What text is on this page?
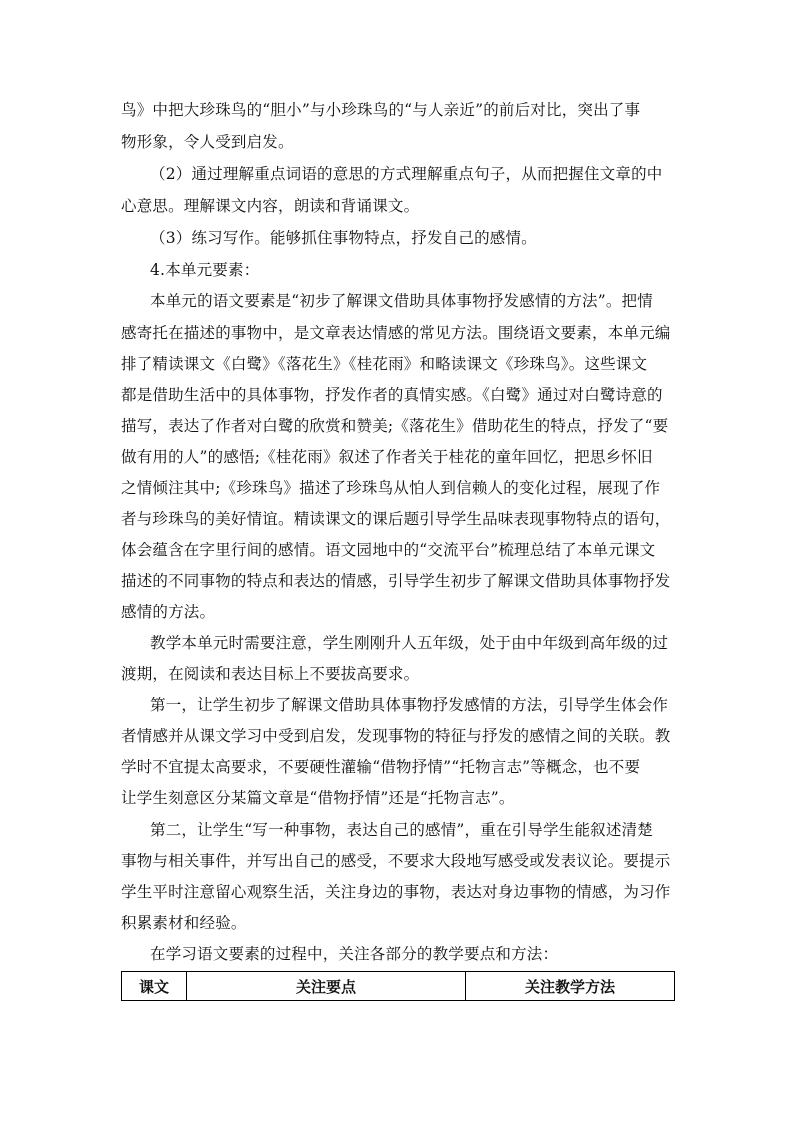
鸟》中把大珍珠鸟的“胆小”与小珍珠鸟的“与人亲近”的前后对比，突出了事
物形象，令人受到启发。
（2）通过理解重点词语的意思的方式理解重点句子，从而把握住文章的中
心意思。理解课文内容，朗读和背诵课文。
（3）练习写作。能够抓住事物特点，抒发自己的感情。
4.本单元要素：
本单元的语文要素是“初步了解课文借助具体事物抒发感情的方法”。把情
感寄托在描述的事物中，是文章表达情感的常见方法。围绕语文要素，本单元编
排了精读课文《白鹭》《落花生》《桂花雨》和略读课文《珍珠鸟》。这些课文
都是借助生活中的具体事物，抒发作者的真情实感。《白鹭》通过对白鹭诗意的
描写，表达了作者对白鹭的欣赏和赞美;《落花生》借助花生的特点，抒发了“要
做有用的人”的感悟;《桂花雨》叙述了作者关于桂花的童年回忆，把思乡怀旧
之情倾注其中;《珍珠鸟》描述了珍珠鸟从怕人到信赖人的变化过程，展现了作
者与珍珠鸟的美好情谊。精读课文的课后题引导学生品味表现事物特点的语句，
体会蕴含在字里行间的感情。语文园地中的“交流平台”梳理总结了本单元课文
描述的不同事物的特点和表达的情感，引导学生初步了解课文借助具体事物抒发
感情的方法。
教学本单元时需要注意，学生刚刚升人五年级，处于由中年级到高年级的过
渡期，在阅读和表达目标上不要拔高要求。
第一，让学生初步了解课文借助具体事物抒发感情的方法，引导学生体会作
者情感并从课文学习中受到启发，发现事物的特征与抒发的感情之间的关联。教
学时不宜提太高要求，不要硬性灌输“借物抒情”“托物言志”等概念，也不要
让学生刻意区分某篇文章是“借物抒情”还是“托物言志”。
第二，让学生“写一种事物，表达自己的感情”，重在引导学生能叙述清楚
事物与相关事件，并写出自己的感受，不要求大段地写感受或发表议论。要提示
学生平时注意留心观察生活，关注身边的事物，表达对身边事物的情感，为习作
积累素材和经验。
在学习语文要素的过程中，关注各部分的教学要点和方法：
课文	关注要点	关注教学方法
